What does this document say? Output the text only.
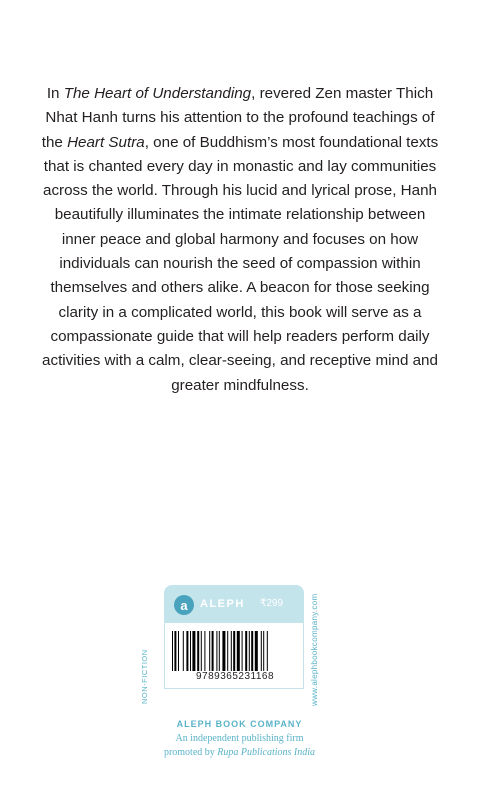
In The Heart of Understanding, revered Zen master Thich Nhat Hanh turns his attention to the profound teachings of the Heart Sutra, one of Buddhism’s most foundational texts that is chanted every day in monastic and lay communities across the world. Through his lucid and lyrical prose, Hanh beautifully illuminates the intimate relationship between inner peace and global harmony and focuses on how individuals can nourish the seed of compassion within themselves and others alike. A beacon for those seeking clarity in a complicated world, this book will serve as a compassionate guide that will help readers perform daily activities with a calm, clear-seeing, and receptive mind and greater mindfulness.
NON-FICTION	www.alephbookcompany.com
a ALEPH ₹299
9789365231168
ALEPH BOOK COMPANY
An independent publishing firm
promoted by Rupa Publications India
